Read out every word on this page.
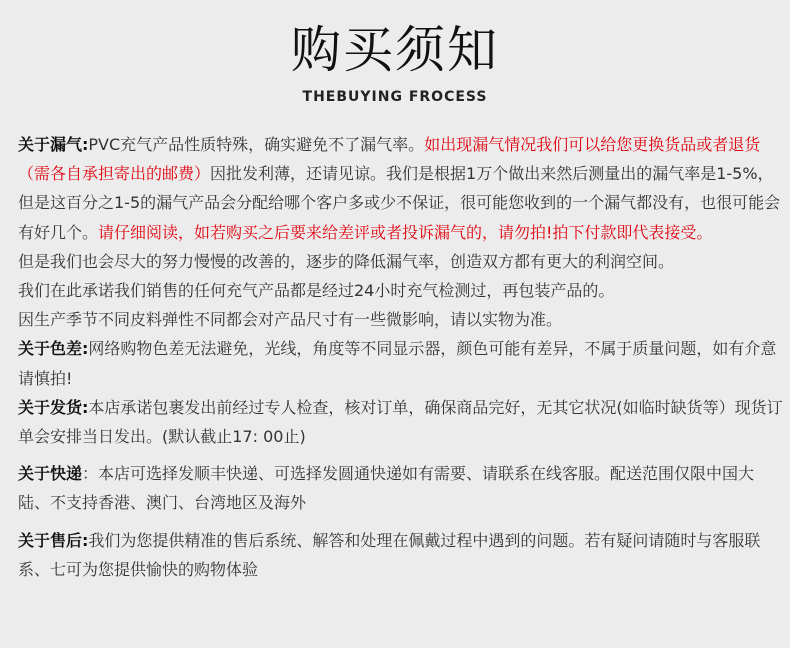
购买须知
THEBUYING FROCESS

关于漏气:PVC充气产品性质特殊，确实避免不了漏气率。如出现漏气情况我们可以给您更换货品或者退货（需各自承担寄出的邮费）因批发利薄，还请见谅。我们是根据1万个做出来然后测量出的漏气率是1-5%，但是这百分之1-5的漏气产品会分配给哪个客户多或少不保证，很可能您收到的一个漏气都没有，也很可能会有好几个。请仔细阅读，如若购买之后要来给差评或者投诉漏气的，请勿拍!拍下付款即代表接受。

但是我们也会尽大的努力慢慢的改善的，逐步的降低漏气率，创造双方都有更大的利润空间。

我们在此承诺我们销售的任何充气产品都是经过24小时充气检测过，再包装产品的。

因生产季节不同皮料弹性不同都会对产品尺寸有一些微影响，请以实物为准。

关于色差:网络购物色差无法避免，光线，角度等不同显示器，颜色可能有差异，不属于质量问题，如有介意请慎拍!

关于发货:本店承诺包裹发出前经过专人检查，核对订单，确保商品完好，无其它状况(如临时缺货等）现货订单会安排当日发出。(默认截止17: 00止)

关于快递：本店可选择发顺丰快递、可选择发圆通快递如有需要、请联系在线客服。配送范围仅限中国大陆、不支持香港、澳门、台湾地区及海外

关于售后:我们为您提供精准的售后系统、解答和处理在佩戴过程中遇到的问题。若有疑问请随时与客服联系、七可为您提供愉快的购物体验
